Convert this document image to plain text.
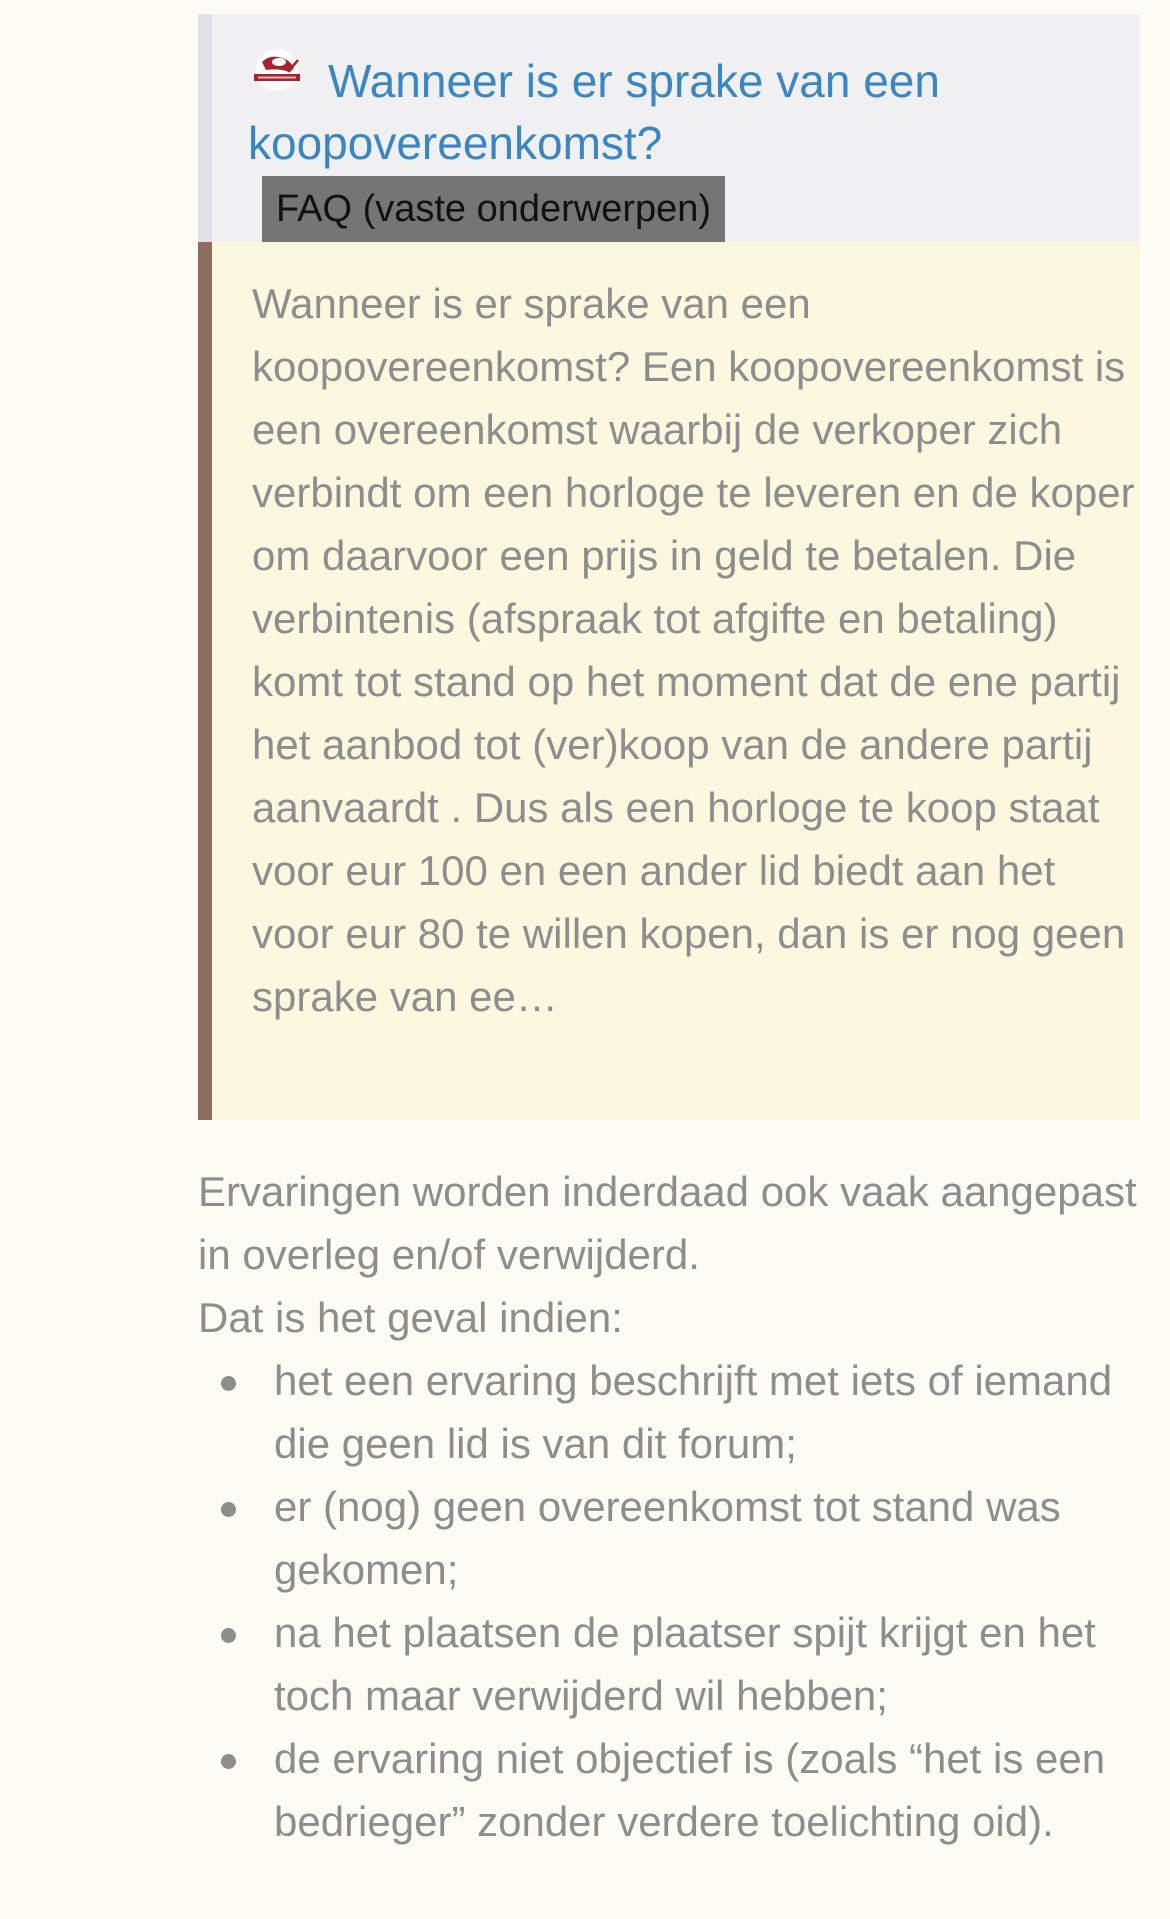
Wanneer is er sprake van een koopovereenkomst?
FAQ (vaste onderwerpen)

Wanneer is er sprake van een koopovereenkomst? Een koopovereenkomst is een overeenkomst waarbij de verkoper zich verbindt om een horloge te leveren en de koper om daarvoor een prijs in geld te betalen. Die verbintenis (afspraak tot afgifte en betaling) komt tot stand op het moment dat de ene partij het aanbod tot (ver)koop van de andere partij aanvaardt . Dus als een horloge te koop staat voor eur 100 en een ander lid biedt aan het voor eur 80 te willen kopen, dan is er nog geen sprake van ee…

Ervaringen worden inderdaad ook vaak aangepast in overleg en/of verwijderd.
Dat is het geval indien:
het een ervaring beschrijft met iets of iemand die geen lid is van dit forum;
er (nog) geen overeenkomst tot stand was gekomen;
na het plaatsen de plaatser spijt krijgt en het toch maar verwijderd wil hebben;
de ervaring niet objectief is (zoals “het is een bedrieger” zonder verdere toelichting oid).
